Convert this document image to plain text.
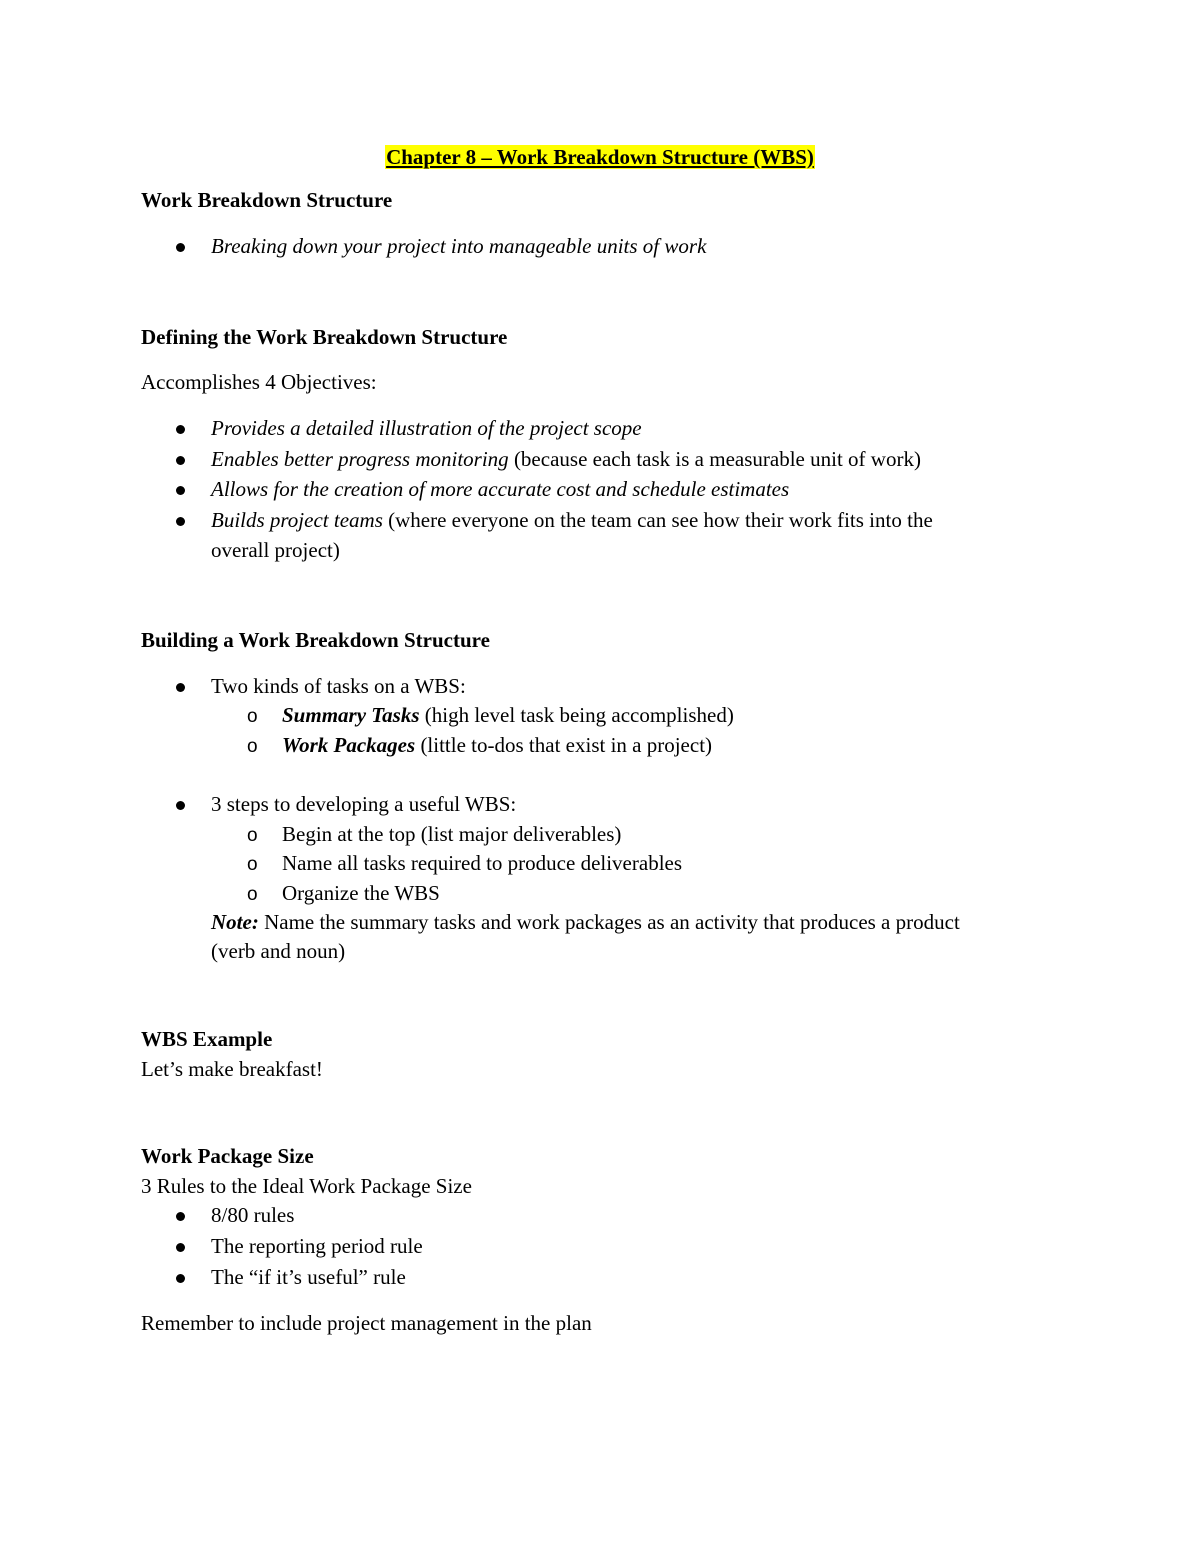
Chapter 8 – Work Breakdown Structure (WBS)

Work Breakdown Structure

Breaking down your project into manageable units of work

Defining the Work Breakdown Structure

Accomplishes 4 Objectives:

Provides a detailed illustration of the project scope

Enables better progress monitoring (because each task is a measurable unit of work)

Allows for the creation of more accurate cost and schedule estimates

Builds project teams (where everyone on the team can see how their work fits into the

overall project)

Building a Work Breakdown Structure

Two kinds of tasks on a WBS:

o Summary Tasks (high level task being accomplished)

o Work Packages (little to-dos that exist in a project)

3 steps to developing a useful WBS:

o Begin at the top (list major deliverables)

o Name all tasks required to produce deliverables

o Organize the WBS

Note: Name the summary tasks and work packages as an activity that produces a product

(verb and noun)

WBS Example

Let’s make breakfast!

Work Package Size

3 Rules to the Ideal Work Package Size

8/80 rules

The reporting period rule

The “if it’s useful” rule

Remember to include project management in the plan
